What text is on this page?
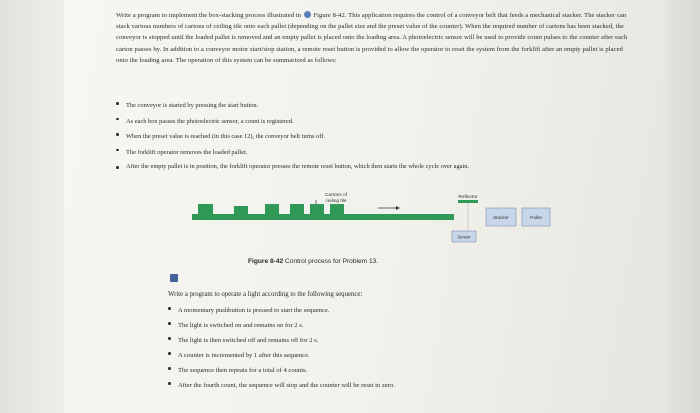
Write a program to implement the box-stacking process illustrated in  Figure 8-42. This application requires the control of a conveyor belt that feeds a mechanical stacker. The stacker can stack various numbers of cartons of ceiling tile onto each pallet (depending on the pallet size and the preset value of the counter). When the required number of cartons has been stacked, the conveyor is stopped until the loaded pallet is removed and an empty pallet is placed onto the loading area. A photoelectric sensor will be used to provide count pulses to the counter after each carton passes by. In addition to a conveyor motor start/stop station, a remote reset button is provided to allow the operator to reset the system from the forklift after an empty pallet is placed onto the loading area. The operation of this system can be summarized as follows:

The conveyor is started by pressing the start button.
As each box passes the photoelectric sensor, a count is registered.
When the preset value is reached (in this case 12), the conveyor belt turns off.
The forklift operator removes the loaded pallet.
After the empty pallet is in position, the forklift operator presses the remote reset button, which then starts the whole cycle over again.
Cartons of
ceiling tile
Reflector
Sensor
Stacker	Pallet
Figure 8-42 Control process for Problem 13.
Write a program to operate a light according to the following sequence:
A momentary pushbutton is pressed to start the sequence.
The light is switched on and remains on for 2 s.
The light is then switched off and remains off for 2 s.
A counter is incremented by 1 after this sequence.
The sequence then repeats for a total of 4 counts.
After the fourth count, the sequence will stop and the counter will be reset to zero.
